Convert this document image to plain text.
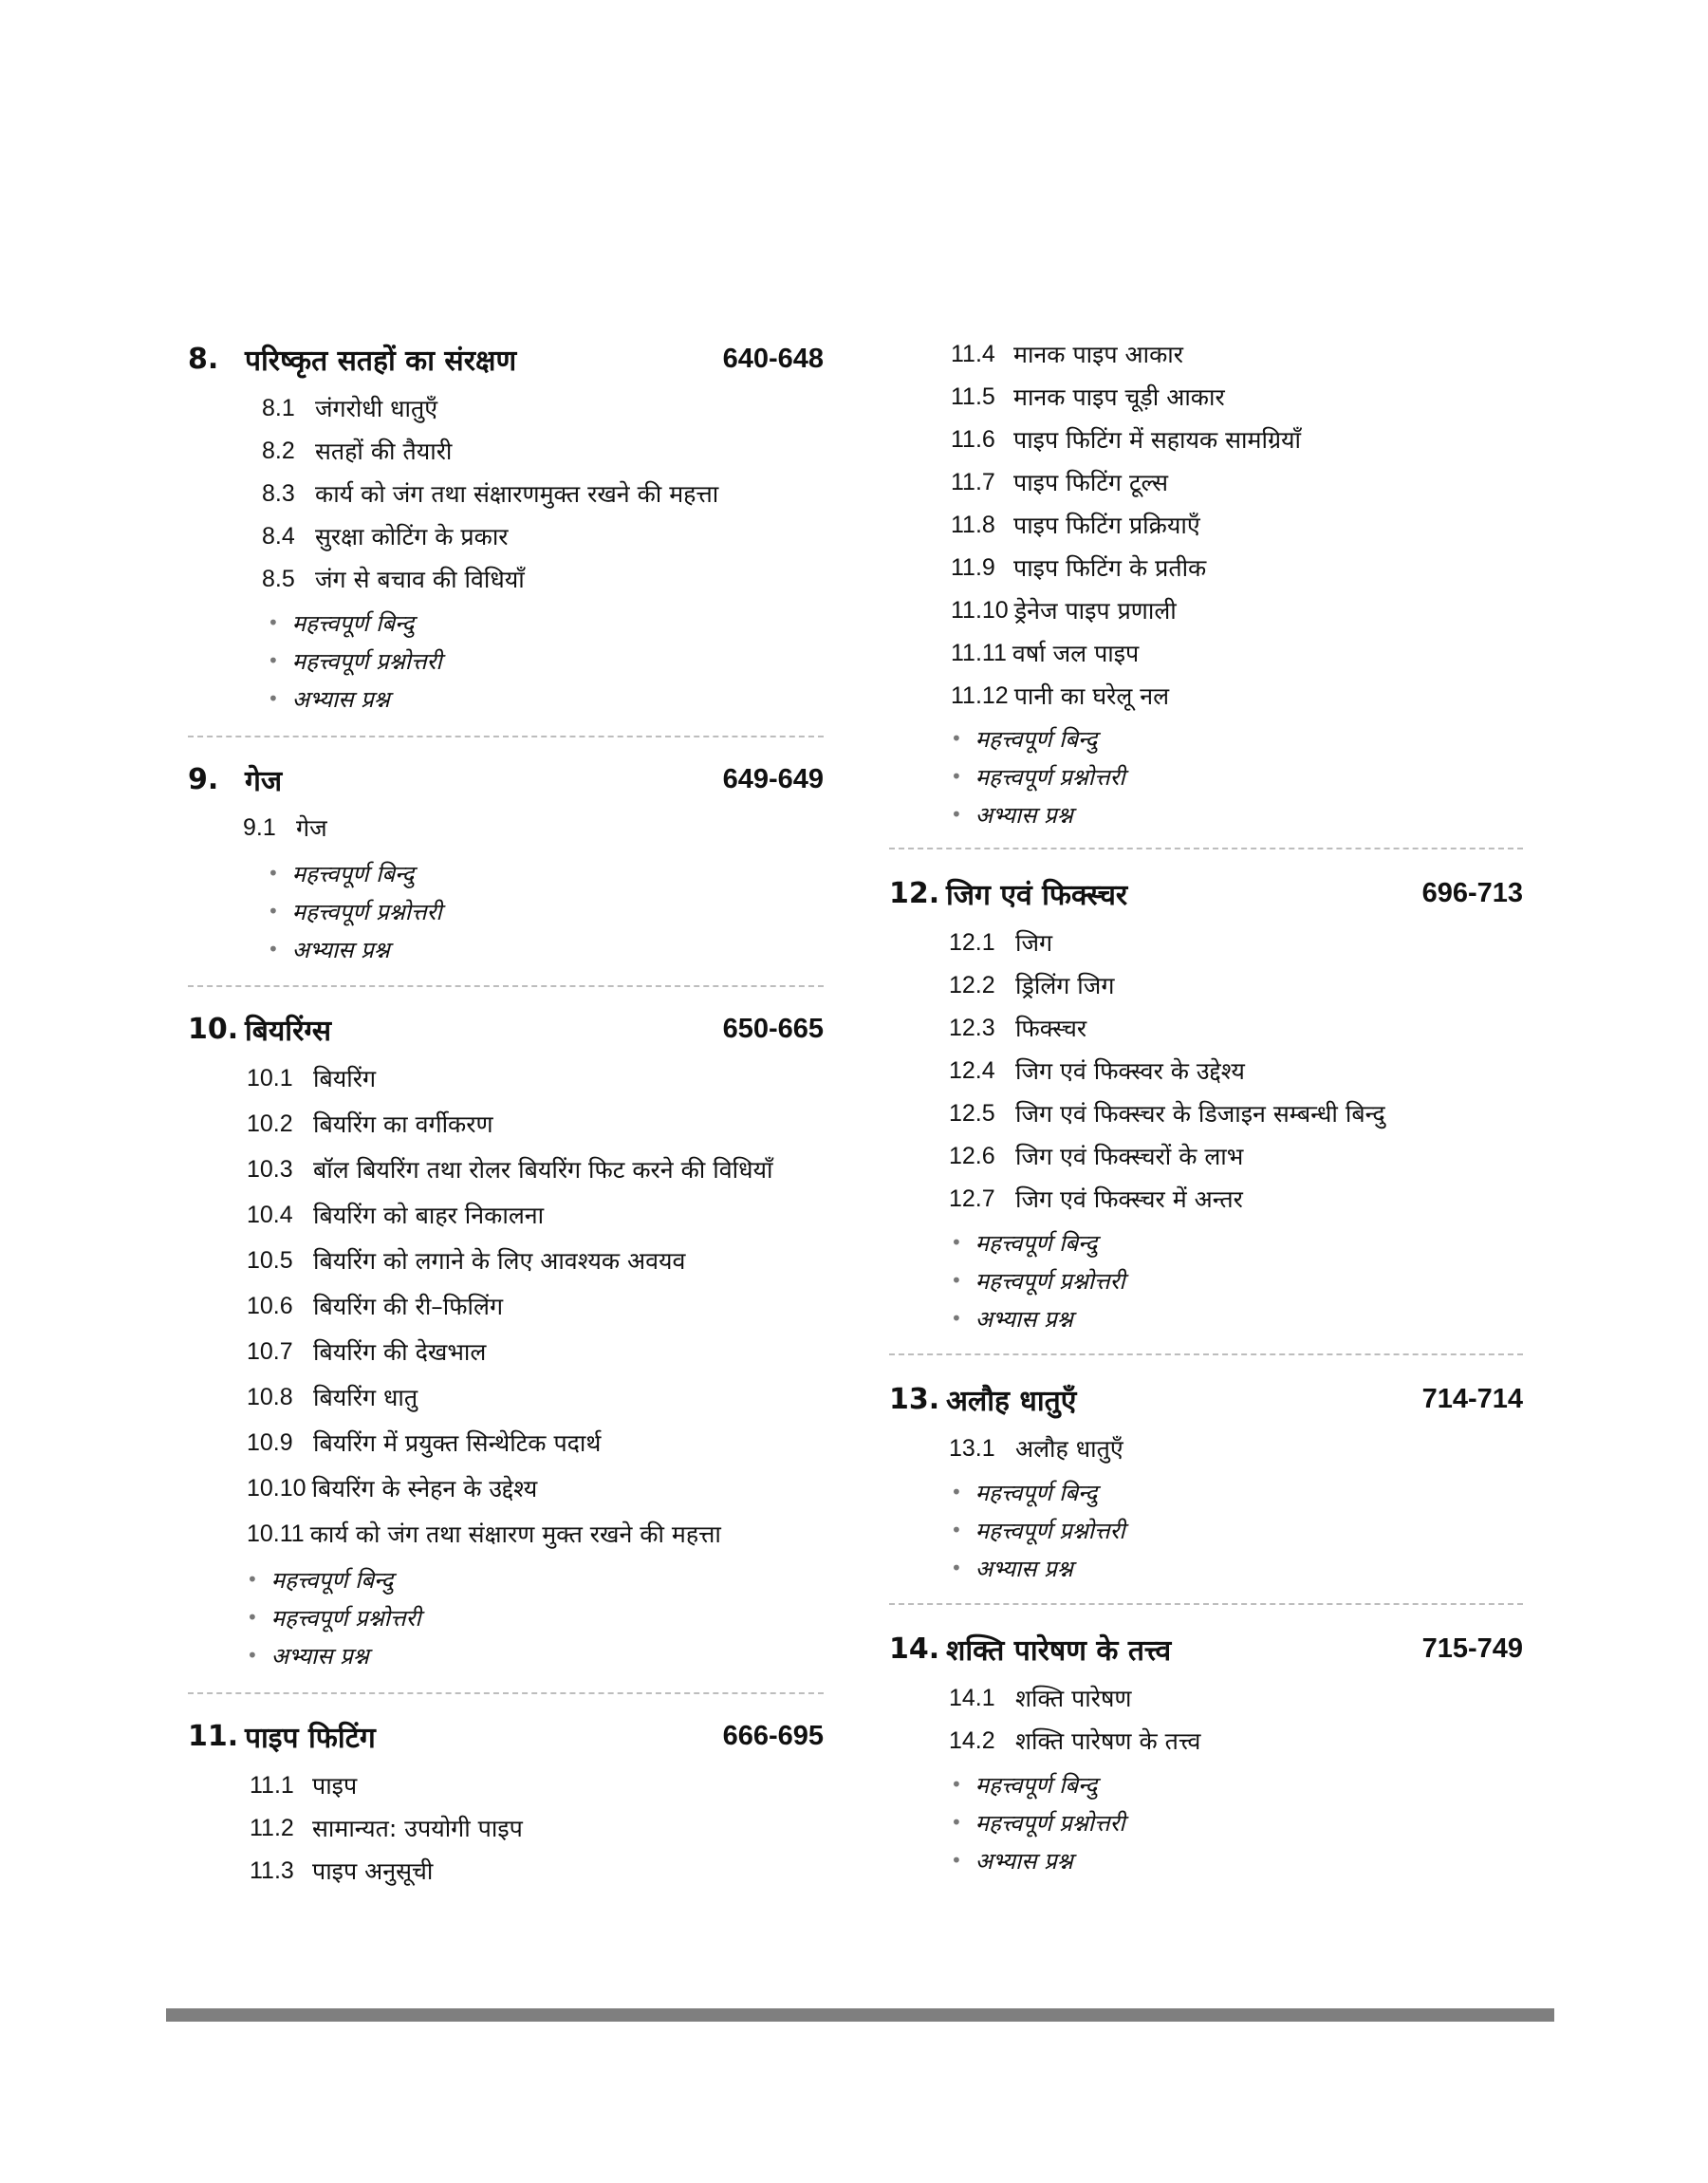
8. परिष्कृत सतहों का संरक्षण	640-648
8.1 जंगरोधी धातुएँ
8.2 सतहों की तैयारी
8.3 कार्य को जंग तथा संक्षारणमुक्त रखने की महत्ता
8.4 सुरक्षा कोटिंग के प्रकार
8.5 जंग से बचाव की विधियाँ
• महत्त्वपूर्ण बिन्दु
• महत्त्वपूर्ण प्रश्नोत्तरी
• अभ्यास प्रश्न
9. गेज	649-649
9.1 गेज
• महत्त्वपूर्ण बिन्दु
• महत्त्वपूर्ण प्रश्नोत्तरी
• अभ्यास प्रश्न
10. बियरिंग्स	650-665
10.1 बियरिंग
10.2 बियरिंग का वर्गीकरण
10.3 बॉल बियरिंग तथा रोलर बियरिंग फिट करने की विधियाँ
10.4 बियरिंग को बाहर निकालना
10.5 बियरिंग को लगाने के लिए आवश्यक अवयव
10.6 बियरिंग की री–फिलिंग
10.7 बियरिंग की देखभाल
10.8 बियरिंग धातु
10.9 बियरिंग में प्रयुक्त सिन्थेटिक पदार्थ
10.10 बियरिंग के स्नेहन के उद्देश्य
10.11 कार्य को जंग तथा संक्षारण मुक्त रखने की महत्ता
• महत्त्वपूर्ण बिन्दु
• महत्त्वपूर्ण प्रश्नोत्तरी
• अभ्यास प्रश्न
11. पाइप फिटिंग	666-695
11.1 पाइप
11.2 सामान्यत: उपयोगी पाइप
11.3 पाइप अनुसूची
11.4 मानक पाइप आकार
11.5 मानक पाइप चूड़ी आकार
11.6 पाइप फिटिंग में सहायक सामग्रियाँ
11.7 पाइप फिटिंग टूल्स
11.8 पाइप फिटिंग प्रक्रियाएँ
11.9 पाइप फिटिंग के प्रतीक
11.10 ड्रेनेज पाइप प्रणाली
11.11 वर्षा जल पाइप
11.12 पानी का घरेलू नल
• महत्त्वपूर्ण बिन्दु
• महत्त्वपूर्ण प्रश्नोत्तरी
• अभ्यास प्रश्न
12. जिग एवं फिक्स्चर	696-713
12.1 जिग
12.2 ड्रिलिंग जिग
12.3 फिक्स्चर
12.4 जिग एवं फिक्स्वर के उद्देश्य
12.5 जिग एवं फिक्स्चर के डिजाइन सम्बन्धी बिन्दु
12.6 जिग एवं फिक्स्चरों के लाभ
12.7 जिग एवं फिक्स्चर में अन्तर
• महत्त्वपूर्ण बिन्दु
• महत्त्वपूर्ण प्रश्नोत्तरी
• अभ्यास प्रश्न
13. अलौह धातुएँ	714-714
13.1 अलौह धातुएँ
• महत्त्वपूर्ण बिन्दु
• महत्त्वपूर्ण प्रश्नोत्तरी
• अभ्यास प्रश्न
14. शक्ति पारेषण के तत्त्व	715-749
14.1 शक्ति पारेषण
14.2 शक्ति पारेषण के तत्त्व
• महत्त्वपूर्ण बिन्दु
• महत्त्वपूर्ण प्रश्नोत्तरी
• अभ्यास प्रश्न
